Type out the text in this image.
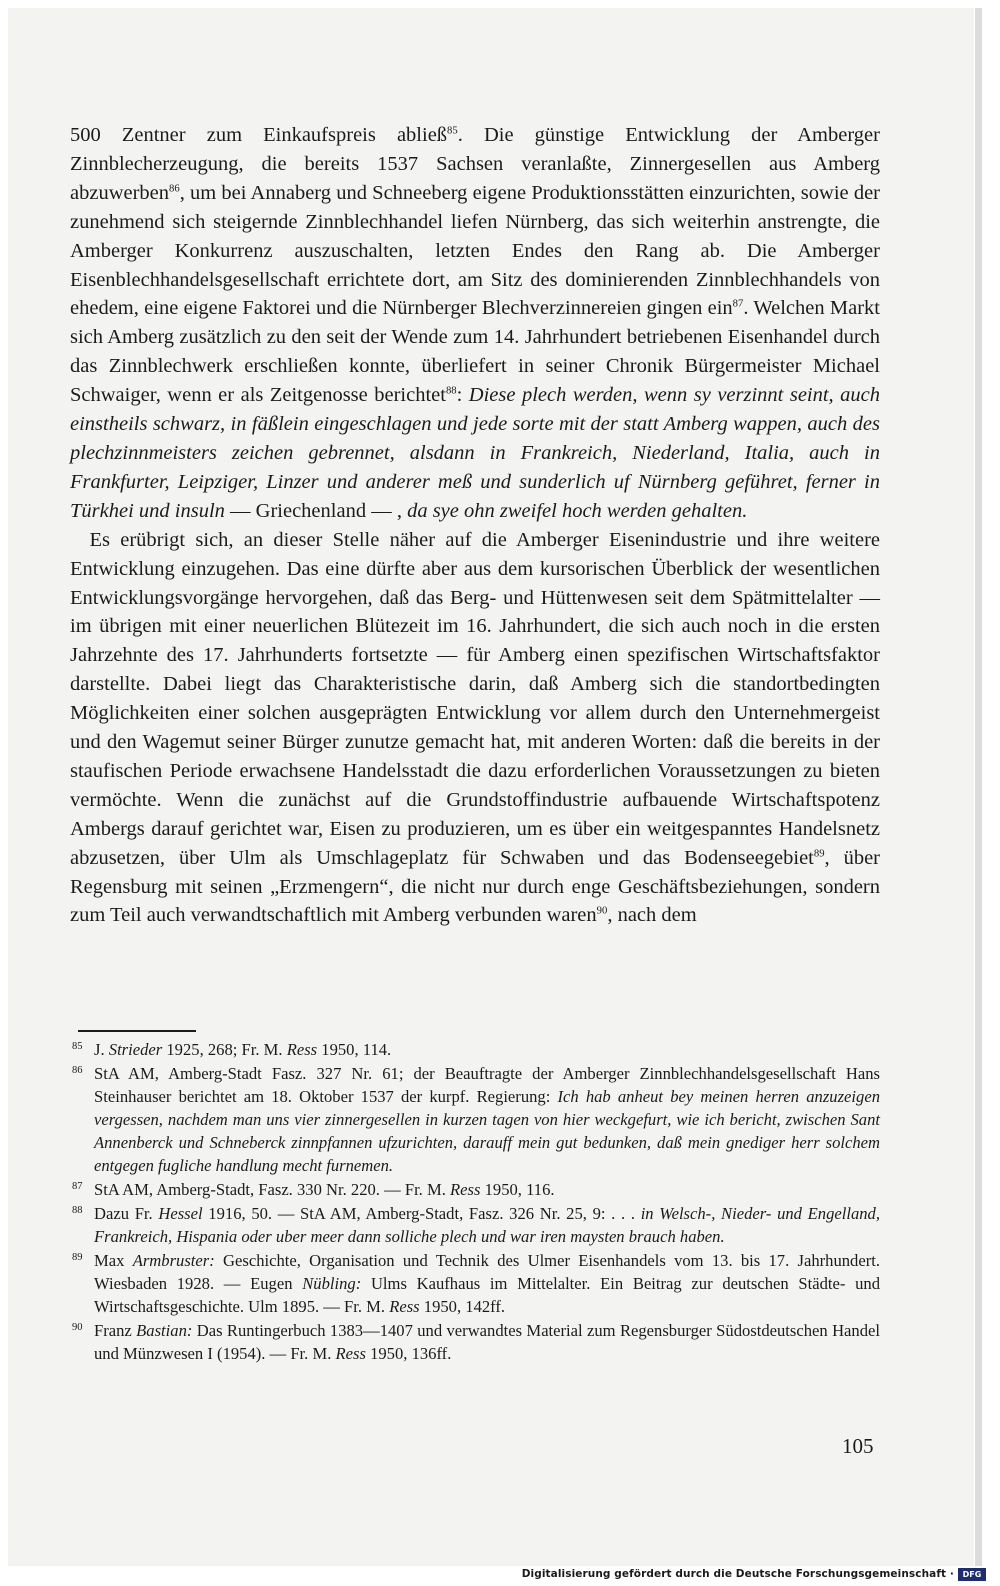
500 Zentner zum Einkaufspreis abließ$^{85}$. Die günstige Entwicklung der Amberger Zinnblecherzeugung, die bereits 1537 Sachsen veranlaßte, Zinnergesellen aus Amberg abzuwerben$^{86}$, um bei Annaberg und Schneeberg eigene Produktionsstätten einzurichten, sowie der zunehmend sich steigernde Zinnblechhandel liefen Nürnberg, das sich weiterhin anstrengte, die Amberger Konkurrenz auszuschalten, letzten Endes den Rang ab. Die Amberger Eisenblechhandelsgesellschaft errichtete dort, am Sitz des dominierenden Zinnblechhandels von ehedem, eine eigene Faktorei und die Nürnberger Blechverzinnereien gingen ein$^{87}$. Welchen Markt sich Amberg zusätzlich zu den seit der Wende zum 14. Jahrhundert betriebenen Eisenhandel durch das Zinnblechwerk erschließen konnte, überliefert in seiner Chronik Bürgermeister Michael Schwaiger, wenn er als Zeitgenosse berichtet$^{88}$: Diese plech werden, wenn sy verzinnt seint, auch einstheils schwarz, in fäßlein eingeschlagen und jede sorte mit der statt Amberg wappen, auch des plechzinnmeisters zeichen gebrennet, alsdann in Frankreich, Niederland, Italia, auch in Frankfurter, Leipziger, Linzer und anderer meß und sunderlich uf Nürnberg geführet, ferner in Türkhei und insuln — Griechenland — , da sye ohn zweifel hoch werden gehalten.

Es erübrigt sich, an dieser Stelle näher auf die Amberger Eisenindustrie und ihre weitere Entwicklung einzugehen. Das eine dürfte aber aus dem kursorischen Überblick der wesentlichen Entwicklungsvorgänge hervorgehen, daß das Berg- und Hüttenwesen seit dem Spätmittelalter — im übrigen mit einer neuerlichen Blütezeit im 16. Jahrhundert, die sich auch noch in die ersten Jahrzehnte des 17. Jahrhunderts fortsetzte — für Amberg einen spezifischen Wirtschaftsfaktor darstellte. Dabei liegt das Charakteristische darin, daß Amberg sich die standortbedingten Möglichkeiten einer solchen ausgeprägten Entwicklung vor allem durch den Unternehmergeist und den Wagemut seiner Bürger zunutze gemacht hat, mit anderen Worten: daß die bereits in der staufischen Periode erwachsene Handelsstadt die dazu erforderlichen Voraussetzungen zu bieten vermöchte. Wenn die zunächst auf die Grundstoffindustrie aufbauende Wirtschaftspotenz Ambergs darauf gerichtet war, Eisen zu produzieren, um es über ein weitgespanntes Handelsnetz abzusetzen, über Ulm als Umschlageplatz für Schwaben und das Bodenseegebiet$^{89}$, über Regensburg mit seinen „Erzmengern“, die nicht nur durch enge Geschäftsbeziehungen, sondern zum Teil auch verwandtschaftlich mit Amberg verbunden waren$^{90}$, nach dem

85 J. Strieder 1925, 268; Fr. M. Ress 1950, 114.
86 StA AM, Amberg-Stadt Fasz. 327 Nr. 61; der Beauftragte der Amberger Zinnblechhandelsgesellschaft Hans Steinhauser berichtet am 18. Oktober 1537 der kurpf. Regierung: Ich hab anheut bey meinen herren anzuzeigen vergessen, nachdem man uns vier zinnergesellen in kurzen tagen von hier weckgefurt, wie ich bericht, zwischen Sant Annenberck und Schneberck zinnpfannen ufzurichten, darauff mein gut bedunken, daß mein gnediger herr solchem entgegen fugliche handlung mecht furnemen.
87 StA AM, Amberg-Stadt, Fasz. 330 Nr. 220. — Fr. M. Ress 1950, 116.
88 Dazu Fr. Hessel 1916, 50. — StA AM, Amberg-Stadt, Fasz. 326 Nr. 25, 9: . . . in Welsch-, Nieder- und Engelland, Frankreich, Hispania oder uber meer dann solliche plech und war iren maysten brauch haben.
89 Max Armbruster: Geschichte, Organisation und Technik des Ulmer Eisenhandels vom 13. bis 17. Jahrhundert. Wiesbaden 1928. — Eugen Nübling: Ulms Kaufhaus im Mittelalter. Ein Beitrag zur deutschen Städte- und Wirtschaftsgeschichte. Ulm 1895. — Fr. M. Ress 1950, 142ff.
90 Franz Bastian: Das Runtingerbuch 1383—1407 und verwandtes Material zum Regensburger Südostdeutschen Handel und Münzwesen I (1954). — Fr. M. Ress 1950, 136ff.
105
Digitalisierung gefördert durch die Deutsche Forschungsgemeinschaft ·	DFG
